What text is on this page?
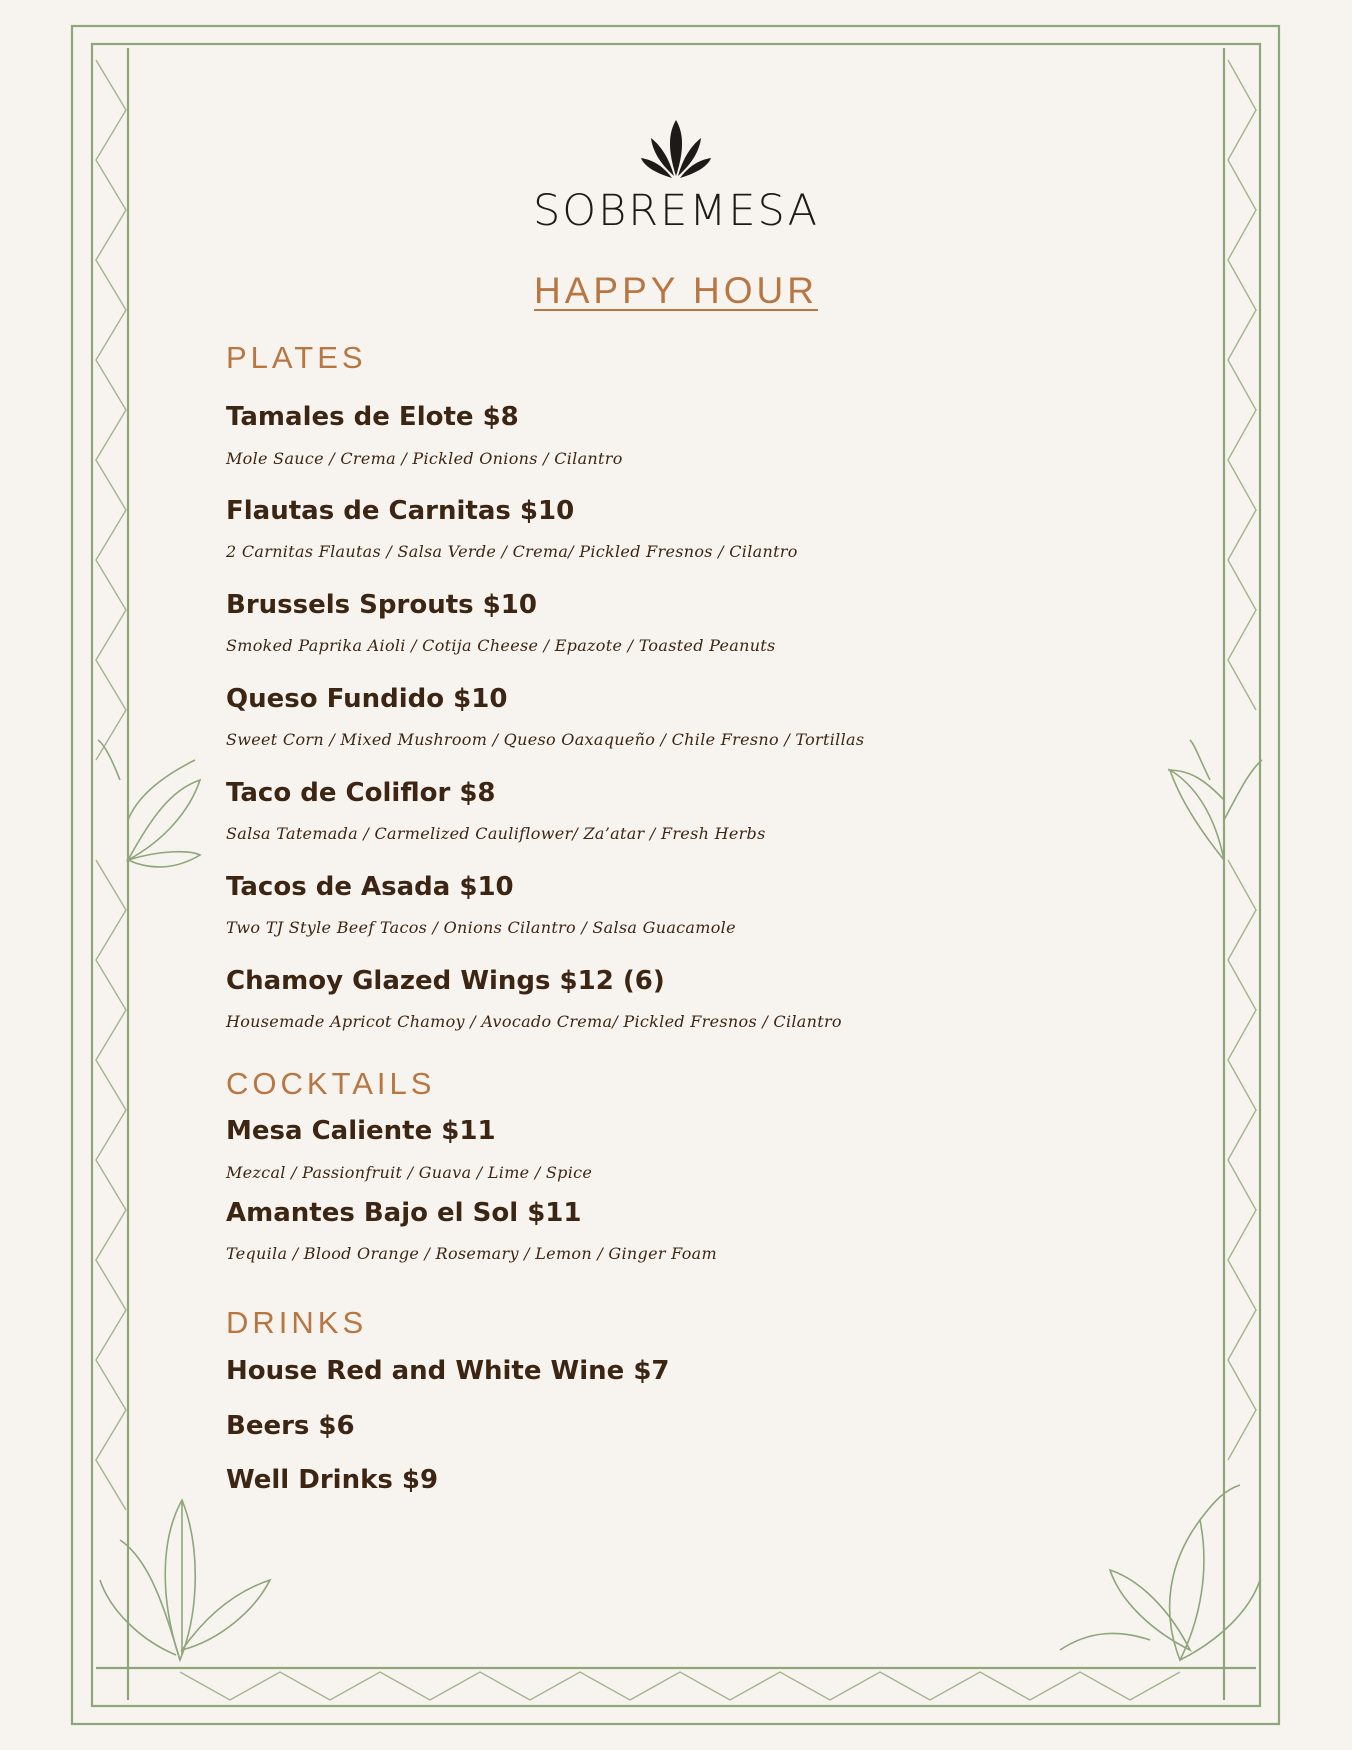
SOBREMESA
HAPPY HOUR
PLATES
Tamales de Elote $8
Mole Sauce / Crema / Pickled Onions / Cilantro
Flautas de Carnitas $10
2 Carnitas Flautas / Salsa Verde / Crema/ Pickled Fresnos / Cilantro
Brussels Sprouts $10
Smoked Paprika Aioli / Cotija Cheese / Epazote / Toasted Peanuts
Queso Fundido $10
Sweet Corn / Mixed Mushroom / Queso Oaxaqueño / Chile Fresno / Tortillas
Taco de Coliflor $8
Salsa Tatemada / Carmelized Cauliflower/ Za’atar / Fresh Herbs
Tacos de Asada $10
Two TJ Style Beef Tacos / Onions Cilantro / Salsa Guacamole
Chamoy Glazed Wings $12 (6)
Housemade Apricot Chamoy / Avocado Crema/ Pickled Fresnos / Cilantro
COCKTAILS
Mesa Caliente $11
Mezcal / Passionfruit / Guava / Lime / Spice
Amantes Bajo el Sol $11
Tequila / Blood Orange / Rosemary / Lemon / Ginger Foam
DRINKS
House Red and White Wine $7
Beers $6
Well Drinks $9
